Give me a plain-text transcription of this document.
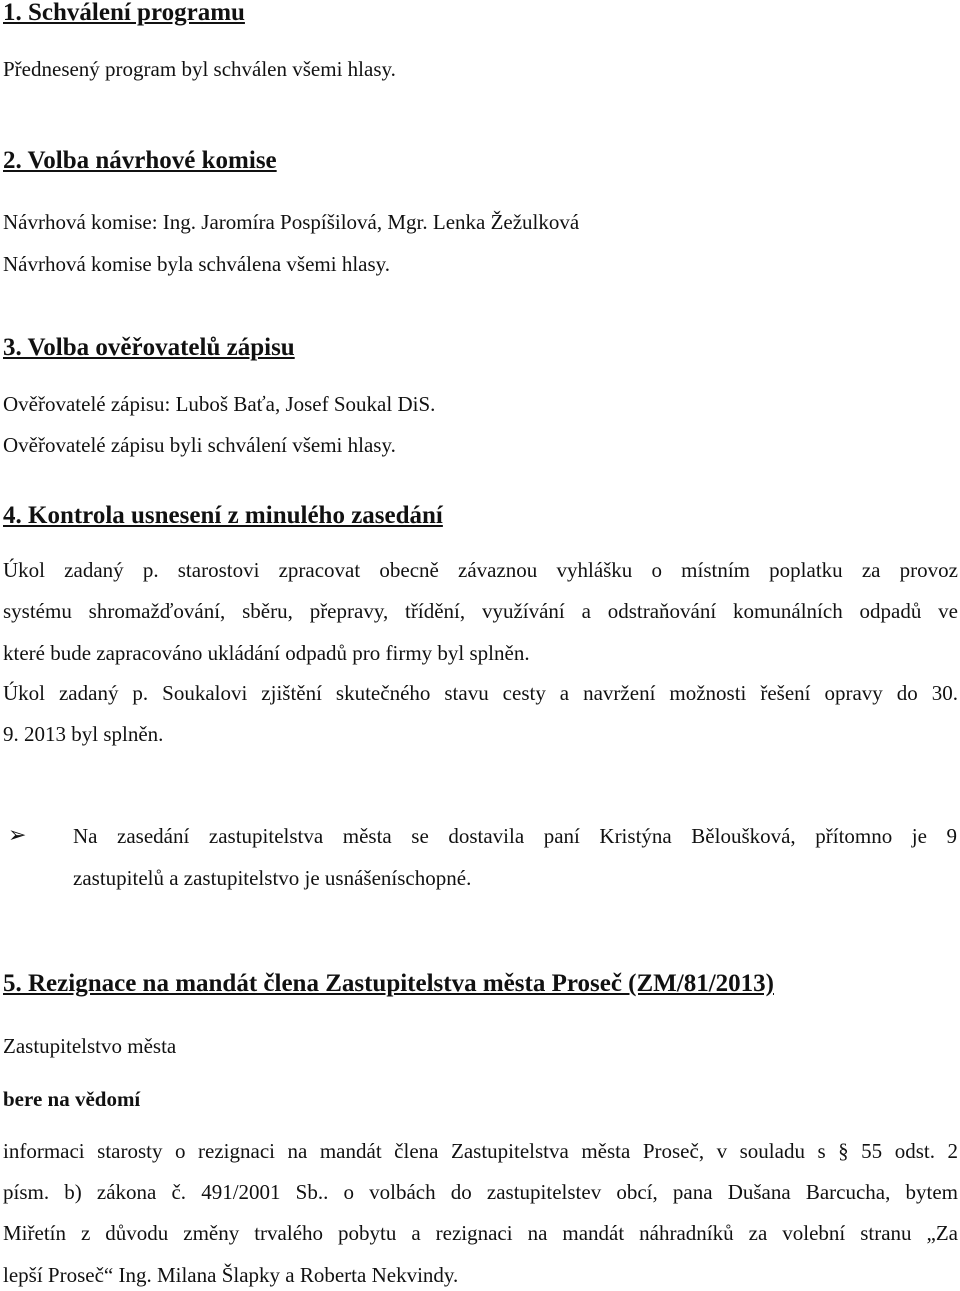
1. Schválení programu
Přednesený program byl schválen všemi hlasy.
2. Volba návrhové komise
Návrhová komise: Ing. Jaromíra Pospíšilová, Mgr. Lenka Žežulková
Návrhová komise byla schválena všemi hlasy.
3. Volba ověřovatelů zápisu
Ověřovatelé zápisu: Luboš Baťa, Josef Soukal DiS.
Ověřovatelé zápisu byli schválení všemi hlasy.
4. Kontrola usnesení z minulého zasedání
Úkol zadaný p. starostovi zpracovat obecně závaznou vyhlášku o místním poplatku za provoz
systému shromažďování, sběru, přepravy, třídění, využívání a odstraňování komunálních odpadů ve
které bude zapracováno ukládání odpadů pro firmy byl splněn.
Úkol zadaný p. Soukalovi zjištění skutečného stavu cesty a navržení možnosti řešení opravy do 30.
9. 2013 byl splněn.
➢ Na zasedání zastupitelstva města se dostavila paní Kristýna Běloušková, přítomno je 9
zastupitelů a zastupitelstvo je usnášeníschopné.
5. Rezignace na mandát člena Zastupitelstva města Proseč (ZM/81/2013)
Zastupitelstvo města
bere na vědomí
informaci starosty o rezignaci na mandát člena Zastupitelstva města Proseč, v souladu s § 55 odst. 2
písm. b) zákona č. 491/2001 Sb.. o volbách do zastupitelstev obcí, pana Dušana Barcucha, bytem
Miřetín z důvodu změny trvalého pobytu a rezignaci na mandát náhradníků za volební stranu „Za
lepší Proseč“ Ing. Milana Šlapky a Roberta Nekvindy.
